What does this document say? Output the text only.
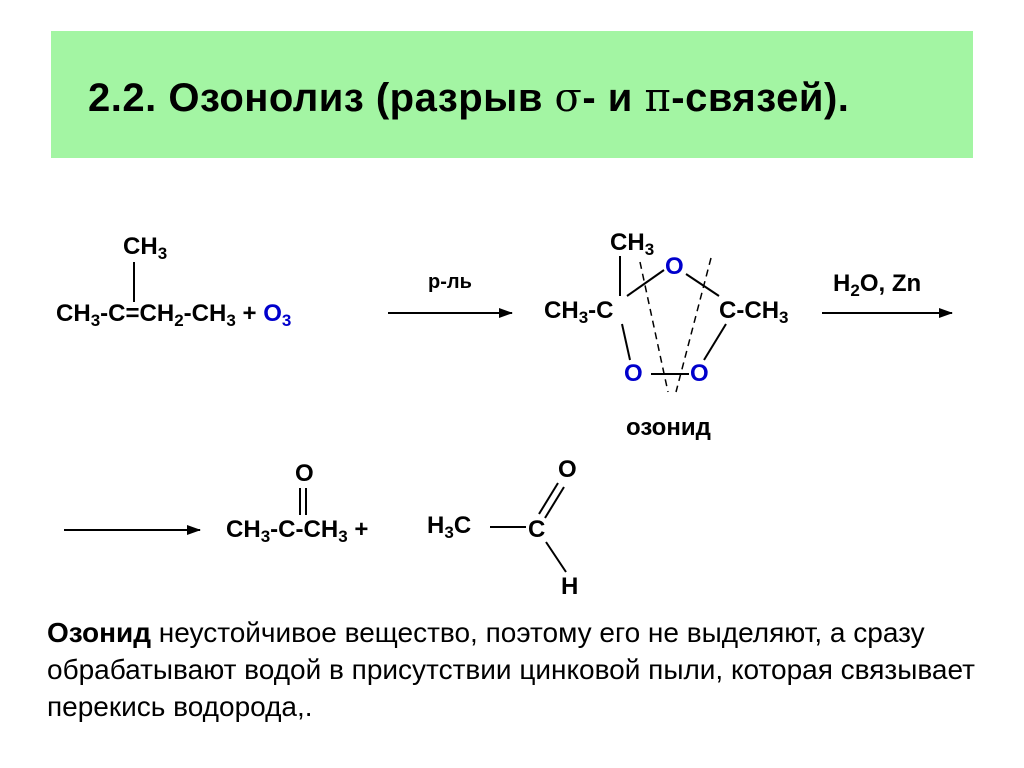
2.2. Озонолиз (разрыв σ- и π-связей).
$CH_3$
$CH_3-C=CH_2-CH_3 + O_3$
р-ль
$CH_3$
O
$CH_3-C$	$C-CH_3$
O O
озонид
$H_2O$, Zn
O
$CH_3-C-CH_3 + H_3C$ C
O
H
Озонид неустойчивое вещество, поэтому его не выделяют, а сразу обрабатывают водой в присутствии цинковой пыли, которая связывает перекись водорода,.
